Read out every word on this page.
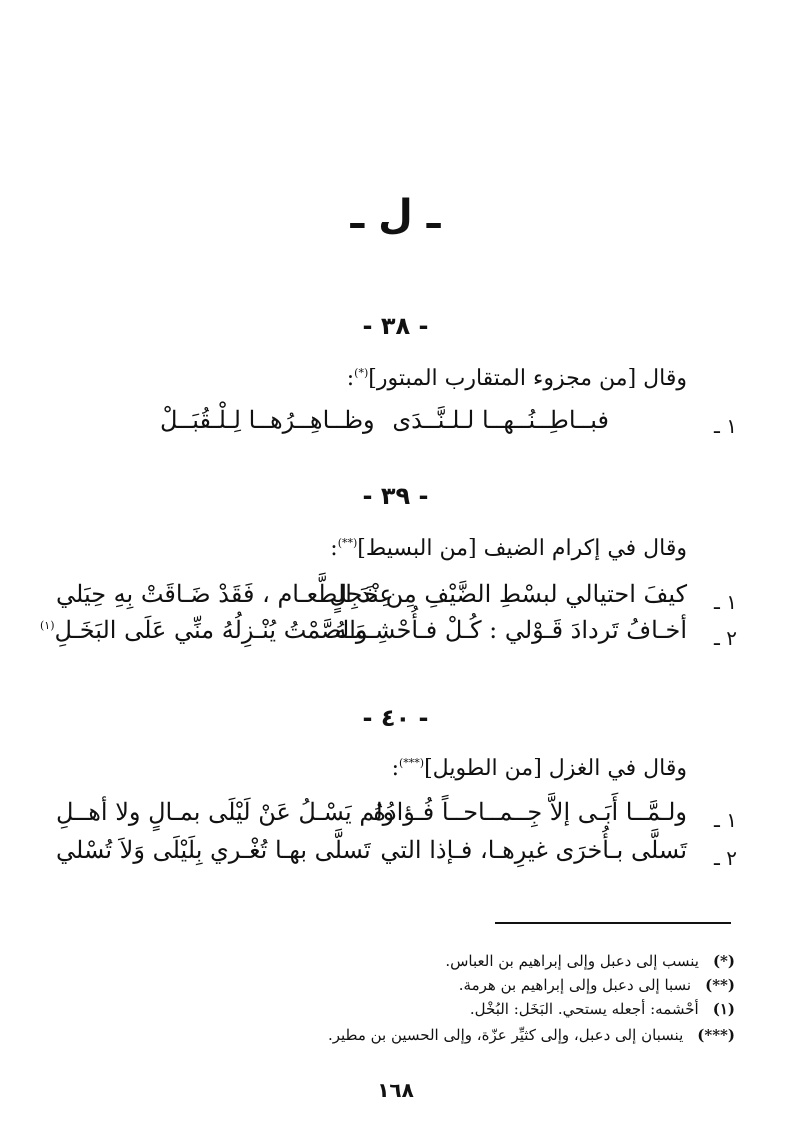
ـ ل ـ
- ٣٨ -
وقال [من مجزوء المتقارب المبتور](*):
١ ـ
فبــاطِــنُــهــا لـلـنَّــدَى
وظــاهِــرُهــا لِـلْـقُبَــلْ
- ٣٩ -
وقال في إكرام الضيف [من البسيط](**):
١ ـ
كيفَ احتيالي لبسْطِ الضَّيْفِ مِن خَجِلٍ
عِنْدَ الطَّعـام ، فَقَدْ ضَـاقَتْ بِهِ حِيَلي
٢ ـ
أخـافُ تَردادَ قَـوْلي : كُـلْ فـأُحْشِـمَـهُ
والصَّمْتُ يُنْـزِلُهُ منِّي عَلَى البَخَـلِ$^{(١)}$
- ٤٠ -
وقال في الغزل [من الطويل](***):
١ ـ
ولـمَّــا أَبَـى إلاَّ جِــمــاحــاً فُـؤادُهُ
ولم يَسْـلُ عَنْ لَيْلَى بمـالٍ ولا أهــلِ
٢ ـ
تَسلَّى بـأُخرَى غيرِهـا، فـإذا التي
تَسلَّى بهـا تُغْـري بِلَيْلَى وَلاَ تُسْلي
(*)ينسب إلى دعبل وإلى إبراهيم بن العباس.
(**)نسبا إلى دعبل وإلى إبراهيم بن هرمة.
(١)أحْشمه: أجعله يستحي. البَخَل: البُخْل.
(***)ينسبان إلى دعبل، وإلى كثيِّر عزّة، وإلى الحسين بن مطير.
١٦٨
